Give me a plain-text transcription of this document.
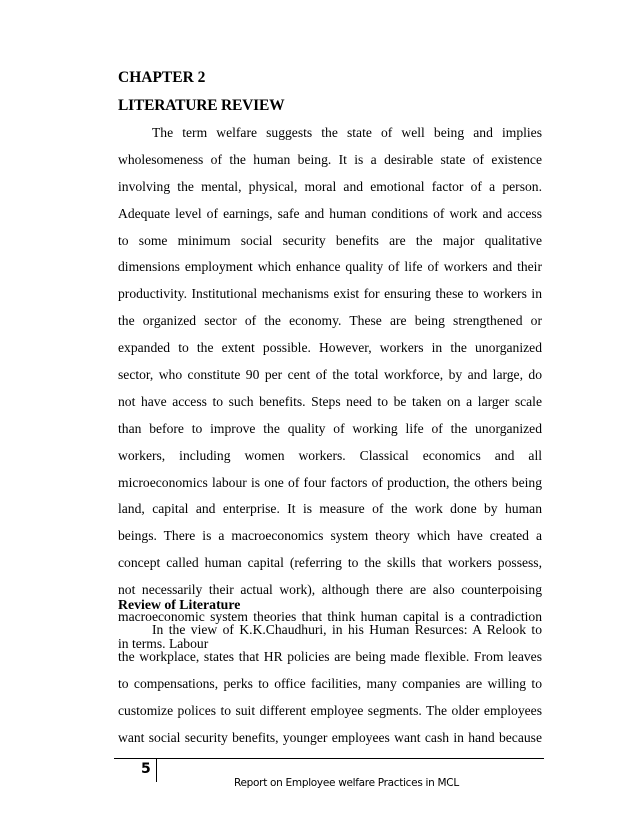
CHAPTER 2
LITERATURE REVIEW
The term welfare suggests the state of well being and implies
wholesomeness of the human being. It is a desirable state of existence
involving the mental, physical, moral and emotional factor of a person.
Adequate level of earnings, safe and human conditions of work and access
to some minimum social security benefits are the major qualitative
dimensions employment which enhance quality of life of workers and their
productivity. Institutional mechanisms exist for ensuring these to workers in
the organized sector of the economy. These are being strengthened or
expanded to the extent possible. However, workers in the unorganized
sector, who constitute 90 per cent of the total workforce, by and large, do
not have access to such benefits. Steps need to be taken on a larger scale
than before to improve the quality of working life of the unorganized
workers, including women workers. Classical economics and all
microeconomics labour is one of four factors of production, the others being
land, capital and enterprise. It is measure of the work done by human
beings. There is a macroeconomics system theory which have created a
concept called human capital (referring to the skills that workers possess,
not necessarily their actual work), although there are also counterpoising
macroeconomic system theories that think human capital is a contradiction
in terms. Labour
Review of Literature
In the view of K.K.Chaudhuri, in his Human Resurces: A Relook to
the workplace, states that HR policies are being made flexible. From leaves
to compensations, perks to office facilities, many companies are willing to
customize polices to suit different employee segments. The older employees
want social security benefits, younger employees want cash in hand because
5
Report on Employee welfare Practices in MCL
